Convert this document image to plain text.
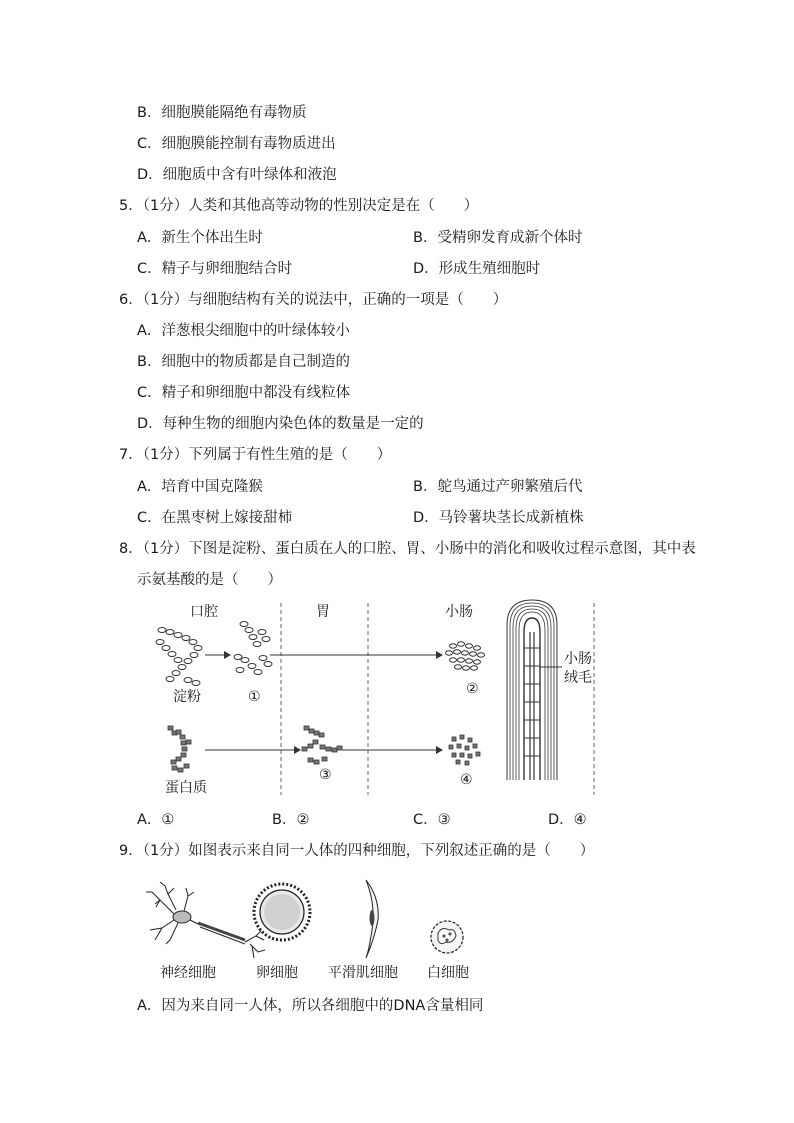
B．细胞膜能隔绝有毒物质
C．细胞膜能控制有毒物质进出
D．细胞质中含有叶绿体和液泡
5．（1分）人类和其他高等动物的性别决定是在（　　）
A．新生个体出生时	B．受精卵发育成新个体时
C．精子与卵细胞结合时	D．形成生殖细胞时
6．（1分）与细胞结构有关的说法中，正确的一项是（　　）
A．洋葱根尖细胞中的叶绿体较小
B．细胞中的物质都是自己制造的
C．精子和卵细胞中都没有线粒体
D．每种生物的细胞内染色体的数量是一定的
7．（1分）下列属于有性生殖的是（　　）
A．培育中国克隆猴	B．鸵鸟通过产卵繁殖后代
C．在黑枣树上嫁接甜柿	D．马铃薯块茎长成新植株
8．（1分）下图是淀粉、蛋白质在人的口腔、胃、小肠中的消化和吸收过程示意图，其中表
示氨基酸的是（　　）
口腔	胃	小肠
小肠
绒毛
淀粉	①	②
蛋白质
③	④
A．①	B．②	C．③	D．④
9．（1分）如图表示来自同一人体的四种细胞，下列叙述正确的是（　　）
神经细胞	卵细胞 平滑肌细胞 白细胞
A．因为来自同一人体，所以各细胞中的DNA含量相同
